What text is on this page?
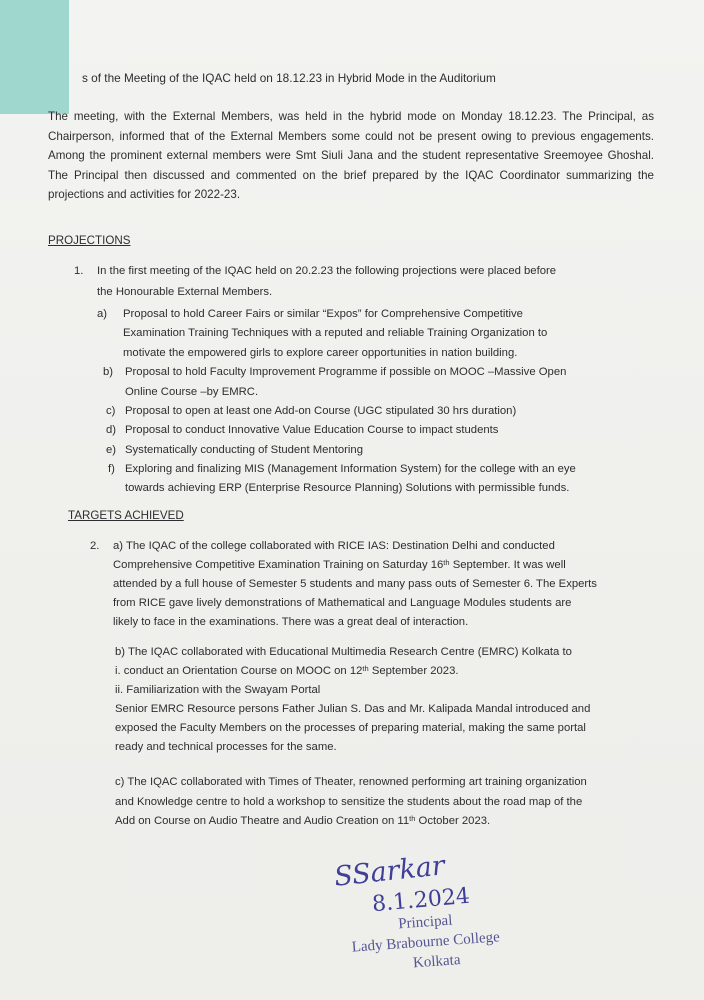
s of the Meeting of the IQAC held on 18.12.23 in Hybrid Mode in the Auditorium
The meeting, with the External Members, was held in the hybrid mode on Monday 18.12.23. The Principal, as Chairperson, informed that of the External Members some could not be present owing to previous engagements. Among the prominent external members were Smt Siuli Jana and the student representative Sreemoyee Ghoshal. The Principal then discussed and commented on the brief prepared by the IQAC Coordinator summarizing the projections and activities for 2022-23.
PROJECTIONS
1. In the first meeting of the IQAC held on 20.2.23 the following projections were placed before
the Honourable External Members.
a) Proposal to hold Career Fairs or similar “Expos” for Comprehensive Competitive
Examination Training Techniques with a reputed and reliable Training Organization to
motivate the empowered girls to explore career opportunities in nation building.
b) Proposal to hold Faculty Improvement Programme if possible on MOOC –Massive Open
Online Course –by EMRC.
c) Proposal to open at least one Add-on Course (UGC stipulated 30 hrs duration)
d) Proposal to conduct Innovative Value Education Course to impact students
e) Systematically conducting of Student Mentoring
f) Exploring and finalizing MIS (Management Information System) for the college with an eye
towards achieving ERP (Enterprise Resource Planning) Solutions with permissible funds.
TARGETS ACHIEVED
2. a) The IQAC of the college collaborated with RICE IAS: Destination Delhi and conducted
Comprehensive Competitive Examination Training on Saturday 16th September. It was well
attended by a full house of Semester 5 students and many pass outs of Semester 6. The Experts
from RICE gave lively demonstrations of Mathematical and Language Modules students are
likely to face in the examinations. There was a great deal of interaction.
b) The IQAC collaborated with Educational Multimedia Research Centre (EMRC) Kolkata to
i. conduct an Orientation Course on MOOC on 12th September 2023.
ii. Familiarization with the Swayam Portal
Senior EMRC Resource persons Father Julian S. Das and Mr. Kalipada Mandal introduced and
exposed the Faculty Members on the processes of preparing material, making the same portal
ready and technical processes for the same.
c) The IQAC collaborated with Times of Theater, renowned performing art training organization
and Knowledge centre to hold a workshop to sensitize the students about the road map of the
Add on Course on Audio Theatre and Audio Creation on 11th October 2023.
SSarkar
8.1.2024
Principal
Lady Brabourne College
Kolkata
